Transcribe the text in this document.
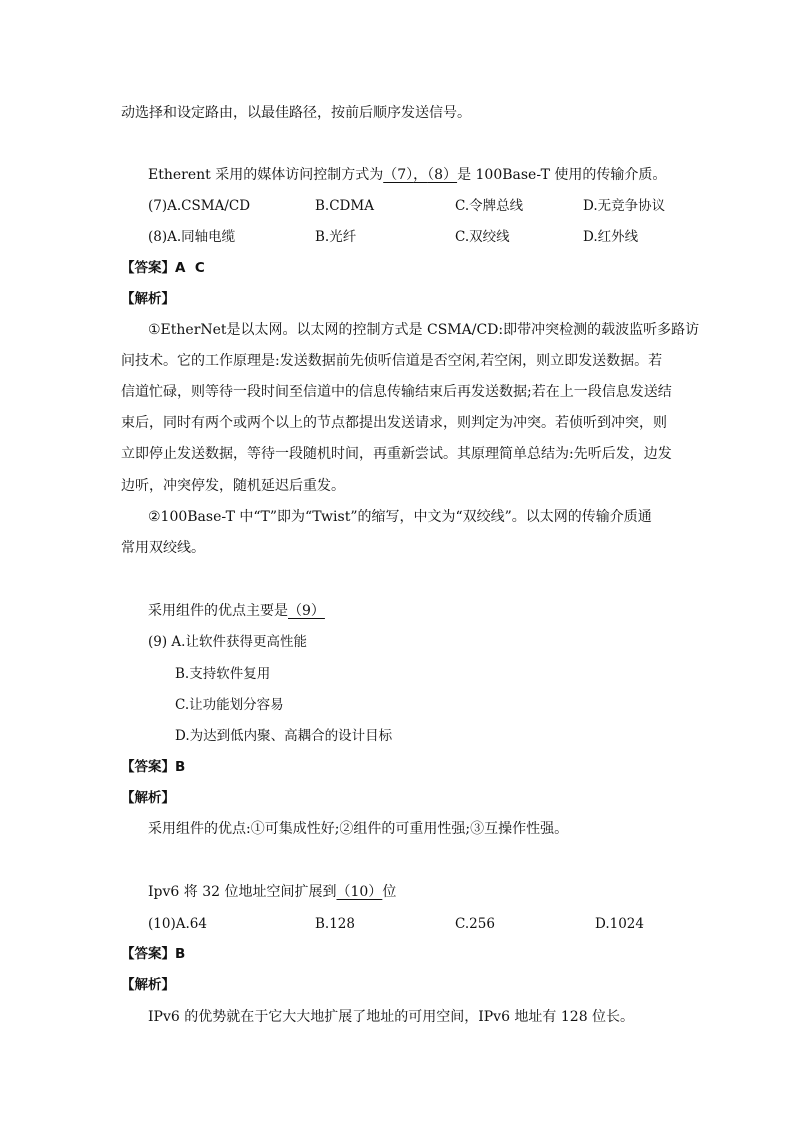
动选择和设定路由，以最佳路径，按前后顺序发送信号。
Etherent 采用的媒体访问控制方式为（7），（8）是 100Base-T 使用的传输介质。
(7)A.CSMA/CD	B.CDMA	C.令牌总线	D.无竞争协议
(8)A.同轴电缆	B.光纤	C.双绞线	D.红外线
【答案】A  C
【解析】
①EtherNet是以太网。以太网的控制方式是 CSMA/CD:即带冲突检测的载波监听多路访
问技术。它的工作原理是:发送数据前先侦听信道是否空闲,若空闲，则立即发送数据。若
信道忙碌，则等待一段时间至信道中的信息传输结束后再发送数据;若在上一段信息发送结
束后，同时有两个或两个以上的节点都提出发送请求，则判定为冲突。若侦听到冲突，则
立即停止发送数据，等待一段随机时间，再重新尝试。其原理简单总结为:先听后发，边发
边听，冲突停发，随机延迟后重发。
②100Base-T 中“T”即为“Twist”的缩写，中文为“双绞线”。以太网的传输介质通
常用双绞线。
采用组件的优点主要是（9）
(9) A.让软件获得更高性能
B.支持软件复用
C.让功能划分容易
D.为达到低内聚、高耦合的设计目标
【答案】B
【解析】
采用组件的优点:①可集成性好;②组件的可重用性强;③互操作性强。
Ipv6 将 32 位地址空间扩展到（10）位
(10)A.64	B.128	C.256	D.1024
【答案】B
【解析】
IPv6 的优势就在于它大大地扩展了地址的可用空间，IPv6 地址有 128 位长。
